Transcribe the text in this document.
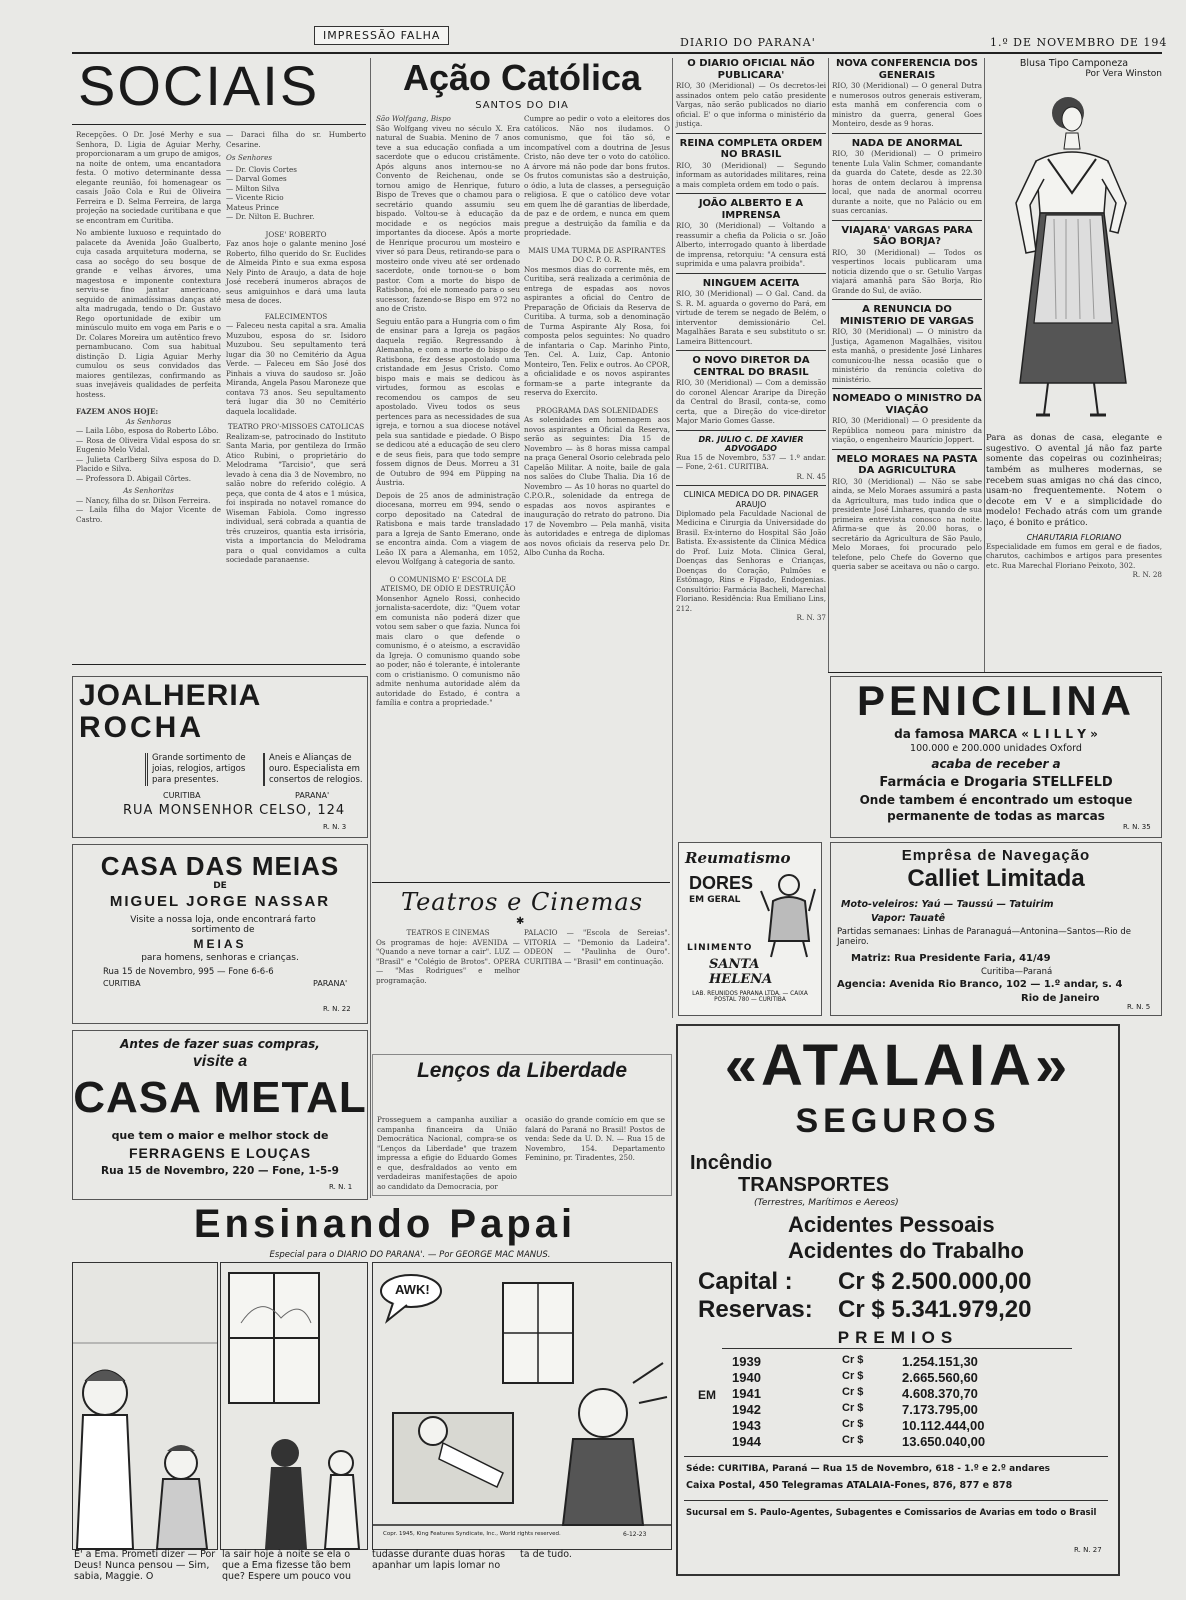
IMPRESSÃO FALHA
DIARIO DO PARANA'	1.º DE NOVEMBRO DE 194
SOCIAIS
Recepções. O Dr. José Merhy e sua Senhora, D. Ligia de Aguiar Merhy, proporcionaram a um grupo de amigos, na noite de ontem, uma encantadora festa. O motivo determinante dessa elegante reunião, foi homenagear os casais João Cola e Rui de Oliveira Ferreira e D. Selma Ferreira, de larga projeção na sociedade curitibana e que se encontram em Curitiba.
No ambiente luxuoso e requintado do palacete da Avenida João Gualberto, cuja casada arquitetura moderna, se casa ao socêgo do seu bosque de grande e velhas árvores, uma magestosa e imponente contextura serviu-se fino jantar americano, seguido de animadíssimas danças até alta madrugada, tendo o Dr. Gustavo Rego oportunidade de exibir um minúsculo muito em voga em Paris e o Dr. Colares Moreira um autêntico frevo pernambucano. Com sua habitual distinção D. Ligia Aguiar Merhy cumulou os seus convidados das maiores gentilezas, confirmando as suas invejáveis qualidades de perfeita hostess.
FAZEM ANOS HOJE:
As Senhoras
— Laila Lôbo, esposa do Roberto Lôbo.
— Rosa de Oliveira Vidal esposa do sr. Eugenio Melo Vidal.
— Julieta Carlberg Silva esposa do D. Placido e Silva.
— Professora D. Abigail Côrtes.
As Senhoritas
— Nancy, filha do sr. Dilson Ferreira.
— Laila filha do Major Vicente de Castro.
— Daraci filha do sr. Humberto Cesarine.
Os Senhores
— Dr. Clovis Cortes
— Darval Gomes
— Milton Silva
— Vicente Ricio
Mateus Prince
— Dr. Nilton E. Buchrer.
JOSE' ROBERTO
Faz anos hoje o galante menino José Roberto, filho querido do Sr. Euclides de Almeida Pinto e sua exma esposa Nely Pinto de Araujo, a data de hoje José receberá inumeros abraços de seus amiguinhos e dará uma lauta mesa de doces.
FALECIMENTOS
— Faleceu nesta capital a sra. Amalia Muzubou, esposa do sr. Isidoro Muzubou. Seu sepultamento terá lugar dia 30 no Cemitério da Agua Verde. — Faleceu em São José dos Pinhais a viuva do saudoso sr. João Miranda, Angela Pasou Maroneze que contava 73 anos. Seu sepultamento terá lugar dia 30 no Cemitério daquela localidade.
TEATRO PRO'-MISSOES CATOLICAS
Realizam-se, patrocinado do Instituto Santa Maria, por gentileza do Irmão Atico Rubini, o proprietário do Melodrama "Tarcisio", que será levado à cena dia 3 de Novembro, no salão nobre do referido colégio. A peça, que conta de 4 atos e 1 música, foi inspirada no notavel romance do Wiseman Fabiola. Como ingresso individual, será cobrada a quantia de três cruzeiros, quantia esta irrisória, vista a importancia do Melodrama para o qual convidamos a culta sociedade paranaense.
JOALHERIA
ROCHA
Grande sortimento de joias, relogios, artigos para presentes.
Aneis e Alianças de ouro. Especialista em consertos de relogios.
CURITIBA	PARANA'
RUA MONSENHOR CELSO, 124
R. N. 3
CASA DAS MEIAS
DE
MIGUEL JORGE NASSAR
Visite a nossa loja, onde encontrará farto sortimento de
MEIAS
para homens, senhoras e crianças.
Rua 15 de Novembro, 995 — Fone 6-6-6
CURITIBA	PARANA'
R. N. 22
Antes de fazer suas compras,
visite a
CASA METAL
que tem o maior e melhor stock de
FERRAGENS E LOUÇAS
Rua 15 de Novembro, 220 — Fone, 1-5-9
R. N. 1
Ação Católica
SANTOS DO DIA
São Wolfgang, Bispo
São Wolfgang viveu no século X. Era natural de Suabia. Menino de 7 anos teve a sua educação confiada a um sacerdote que o educou cristãmente. Após alguns anos internou-se no Convento de Reichenau, onde se tornou amigo de Henrique, futuro Bispo de Treves que o chamou para o secretário quando assumiu seu bispado. Voltou-se à educação da mocidade e os negócios mais importantes da diocese. Após a morte de Henrique procurou um mosteiro e viver só para Deus, retirando-se para o mosteiro onde viveu até ser ordenado sacerdote, onde tornou-se o bom pastor. Com a morte do bispo de Ratisbona, foi ele nomeado para o seu sucessor, fazendo-se Bispo em 972 no ano de Cristo.
Seguiu então para a Hungria com o fim de ensinar para a Igreja os pagãos daquela região. Regressando à Alemanha, e com a morte do bispo de Ratisbona, fez desse apostolado uma cristandade em Jesus Cristo. Como bispo mais e mais se dedicou às virtudes, formou as escolas e recomendou os campos de seu apostolado. Viveu todos os seus pertences para as necessidades de sua igreja, e tornou a sua diocese notável pela sua santidade e piedade. O Bispo se dedicou até a educação de seu clero e de seus fieis, para que todo sempre fossem dignos de Deus. Morreu a 31 de Outubro de 994 em Püpping na Áustria.
Depois de 25 anos de administração diocesana, morreu em 994, sendo o corpo depositado na Catedral de Ratisbona e mais tarde transladado para a Igreja de Santo Emerano, onde se encontra ainda. Com a viagem de Leão IX para a Alemanha, em 1052, elevou Wolfgang à categoria de santo.
O COMUNISMO E' ESCOLA DE ATEISMO, DE ODIO E DESTRUIÇÃO
Monsenhor Agnelo Rossi, conhecido jornalista-sacerdote, diz: "Quem votar em comunista não poderá dizer que votou sem saber o que fazia. Nunca foi mais claro o que defende o comunismo, é o ateísmo, a escravidão da Igreja. O comunismo quando sobe ao poder, não é tolerante, é intolerante com o cristianismo. O comunismo não admite nenhuma autoridade além da autoridade do Estado, é contra a família e contra a propriedade."
Cumpre ao pedir o voto a eleitores dos católicos. Não nos iludamos. O comunismo, que foi tão só, e incompatível com a doutrina de Jesus Cristo, não deve ter o voto do católico. A árvore má não pode dar bons frutos. Os frutos comunistas são a destruição, o ódio, a luta de classes, a perseguição religiosa. E que o católico deve votar em quem lhe dê garantias de liberdade, de paz e de ordem, e nunca em quem pregue a destruição da família e da propriedade.
MAIS UMA TURMA DE ASPIRANTES DO C. P. O. R.
Nos mesmos dias do corrente mês, em Curitiba, será realizada a cerimônia de entrega de espadas aos novos aspirantes a oficial do Centro de Preparação de Oficiais da Reserva de Curitiba. A turma, sob a denominação de Turma Aspirante Aly Rosa, foi composta pelos seguintes: No quadro de infantaria o Cap. Marinho Pinto, Ten. Cel. A. Luiz, Cap. Antonio Monteiro, Ten. Felix e outros. Ao CPOR, a oficialidade e os novos aspirantes formam-se a parte integrante da reserva do Exercito.
PROGRAMA DAS SOLENIDADES
As solenidades em homenagem aos novos aspirantes a Oficial da Reserva, serão as seguintes: Dia 15 de Novembro — às 8 horas missa campal na praça General Osorio celebrada pelo Capelão Militar. A noite, baile de gala nos salões do Clube Thalia. Dia 16 de Novembro — As 10 horas no quartel do C.P.O.R., solenidade da entrega de espadas aos novos aspirantes e inauguração do retrato do patrono. Dia 17 de Novembro — Pela manhã, visita às autoridades e entrega de diplomas aos novos oficiais da reserva pelo Dr. Albo Cunha da Rocha.
Teatros e Cinemas
✱
TEATROS E CINEMAS
Os programas de hoje: AVENIDA — "Quando a neve tornar a cair". LUZ — "Brasil" e "Colégio de Brotos". OPERA — "Mas Rodrigues" e melhor programação.
PALACIO — "Escola de Sereias". VITORIA — "Demonio da Ladeira". ODEON — "Paulinha de Ouro". CURITIBA — "Brasil" em continuação.
Lenços da Liberdade
Prosseguem a campanha auxiliar a campanha financeira da União Democrática Nacional, compra-se os "Lenços da Liberdade" que trazem impressa a efigie do Eduardo Gomes e que, desfraldados ao vento em verdadeiras manifestações de apoio ao candidato da Democracia, por
ocasião do grande comício em que se falará do Paraná no Brasil! Postos de venda: Sede da U. D. N. — Rua 15 de Novembro, 154. Departamento Feminino, pr. Tiradentes, 250.
O DIARIO OFICIAL NÃO PUBLICARA'
RIO, 30 (Meridional) — Os decretos-lei assinados ontem pelo catão presidente Vargas, não serão publicados no diario oficial. E' o que informa o ministério da justiça.
REINA COMPLETA ORDEM NO BRASIL
RIO, 30 (Meridional) — Segundo informam as autoridades militares, reina a mais completa ordem em todo o país.
JOÃO ALBERTO E A IMPRENSA
RIO, 30 (Meridional) — Voltando a reassumir a chefia da Policia o sr. João Alberto, interrogado quanto à liberdade de imprensa, retorquiu: "A censura está suprimida e uma palavra proibida".
NINGUEM ACEITA
RIO, 30 (Meridional) — O Gal. Cand. da S. R. M. aguarda o governo do Pará, em virtude de terem se negado de Belém, o interventor demissionário Cel. Magalhães Barata e seu substituto o sr. Lameira Bittencourt.
O NOVO DIRETOR DA CENTRAL DO BRASIL
RIO, 30 (Meridional) — Com a demissão do coronel Alencar Araripe da Direção da Central do Brasil, conta-se, como certa, que a Direção do vice-diretor Major Mario Gomes Gasse.
DR. JULIO C. DE XAVIER ADVOGADO
Rua 15 de Novembro, 537 — 1.º andar. — Fone, 2-61. CURITIBA.
R. N. 45
CLINICA MEDICA DO DR. PINAGER ARAUJO
Diplomado pela Faculdade Nacional de Medicina e Cirurgia da Universidade do Brasil. Ex-interno do Hospital São João Batista. Ex-assistente da Clinica Médica do Prof. Luiz Mota. Clinica Geral, Doenças das Senhoras e Crianças, Doenças do Coração, Pulmões e Estômago, Rins e Figado, Endogenias. Consultório: Farmácia Bacheli, Marechal Floriano. Residência: Rua Emiliano Lins, 212.
R. N. 37
Reumatismo
DORES
EM GERAL
LINIMENTO
SANTA HELENA
LAB. REUNIDOS PARANA LTDA. — CAIXA POSTAL 780 — CURITIBA
NOVA CONFERENCIA DOS GENERAIS
RIO, 30 (Meridional) — O general Dutra e numerosos outros generais estiveram, esta manhã em conferencia com o ministro da guerra, general Goes Monteiro, desde as 9 horas.
NADA DE ANORMAL
RIO, 30 (Meridional) — O primeiro tenente Lula Valin Schmer, comandante da guarda do Catete, desde as 22.30 horas de ontem declarou à imprensa local, que nada de anormal ocorreu durante a noite, que no Palácio ou em suas cercanias.
VIAJARA' VARGAS PARA SÃO BORJA?
RIO, 30 (Meridional) — Todos os vespertinos locais publicaram uma noticia dizendo que o sr. Getulio Vargas viajará amanhã para São Borja, Rio Grande do Sul, de avião.
A RENUNCIA DO MINISTERIO DE VARGAS
RIO, 30 (Meridional) — O ministro da Justiça, Agamenon Magalhães, visitou esta manhã, o presidente José Linhares comunicou-lhe nessa ocasião que o ministério da renúncia coletiva do ministério.
NOMEADO O MINISTRO DA VIAÇÃO
RIO, 30 (Meridional) — O presidente da República nomeou para ministro da viação, o engenheiro Maurício Joppert.
MELO MORAES NA PASTA DA AGRICULTURA
RIO, 30 (Meridional) — Não se sabe ainda, se Melo Moraes assumirá a pasta da Agricultura, mas tudo indica que o presidente José Linhares, quando de sua primeira entrevista conosco na noite. Afirma-se que às 20.00 horas, o secretário da Agricultura de São Paulo, Melo Moraes, foi procurado pelo telefone, pelo Chefe do Governo que queria saber se aceitava ou não o cargo.
Blusa Tipo Camponeza
Por Vera Winston
Para as donas de casa, elegante e sugestivo. O avental já não faz parte somente das copeiras ou cozinheiras; também as mulheres modernas, se recebem suas amigas no chá das cinco, usam-no frequentemente. Notem o decote em V e a simplicidade do modelo! Fechado atrás com um grande laço, é bonito e prático.
CHARUTARIA FLORIANO
Especialidade em fumos em geral e de fiados, charutos, cachimbos e artigos para presentes etc. Rua Marechal Floriano Peixoto, 302.
R. N. 28
PENICILINA
da famosa MARCA « L I L L Y »
100.000 e 200.000 unidades Oxford
acaba de receber a
Farmácia e Drogaria STELLFELD
Onde tambem é encontrado um estoque
permanente de todas as marcas
R. N. 35
Emprêsa de Navegação
Calliet Limitada
Moto-veleiros: Yaú — Taussú — Tatuirim
Vapor: Tauatê
Partidas semanaes: Linhas de Paranaguá—Antonina—Santos—Rio de Janeiro.
Matriz: Rua Presidente Faria, 41/49
Curitiba—Paraná
Agencia: Avenida Rio Branco, 102 — 1.º andar, s. 4
Rio de Janeiro
R. N. 5
«ATALAIA»
SEGUROS
Incêndio
TRANSPORTES
(Terrestres, Marítimos e Aereos)
Acidentes Pessoais
Acidentes do Trabalho
Capital : Cr $ 2.500.000,00
Reservas: Cr $ 5.341.979,20
PREMIOS
EM
1939	Cr $	1.254.151,30
1940	Cr $	2.665.560,60
1941	Cr $	4.608.370,70
1942	Cr $	7.173.795,00
1943	Cr $	10.112.444,00
1944	Cr $	13.650.040,00
Séde: CURITIBA, Paraná — Rua 15 de Novembro, 618 - 1.º e 2.º andares
Caixa Postal, 450 Telegramas ATALAIA-Fones, 876, 877 e 878
Sucursal em S. Paulo-Agentes, Subagentes e Comissarios de Avarias em todo o Brasil
R. N. 27
Ensinando Papai
Especial para o DIARIO DO PARANA'. — Por GEORGE MAC MANUS.
AWK!
Copr. 1945, King Features Syndicate, Inc., World rights reserved.	6-12-23
E' a Ema. Prometi dizer — Por Deus! Nunca pensou — Sim, sabia, Maggie. O
la sair hoje à noite se ela o que a Ema fizesse tão bem que? Espere um pouco vou
tudasse durante duas horas apanhar um lapis lomar no
ta de tudo.
